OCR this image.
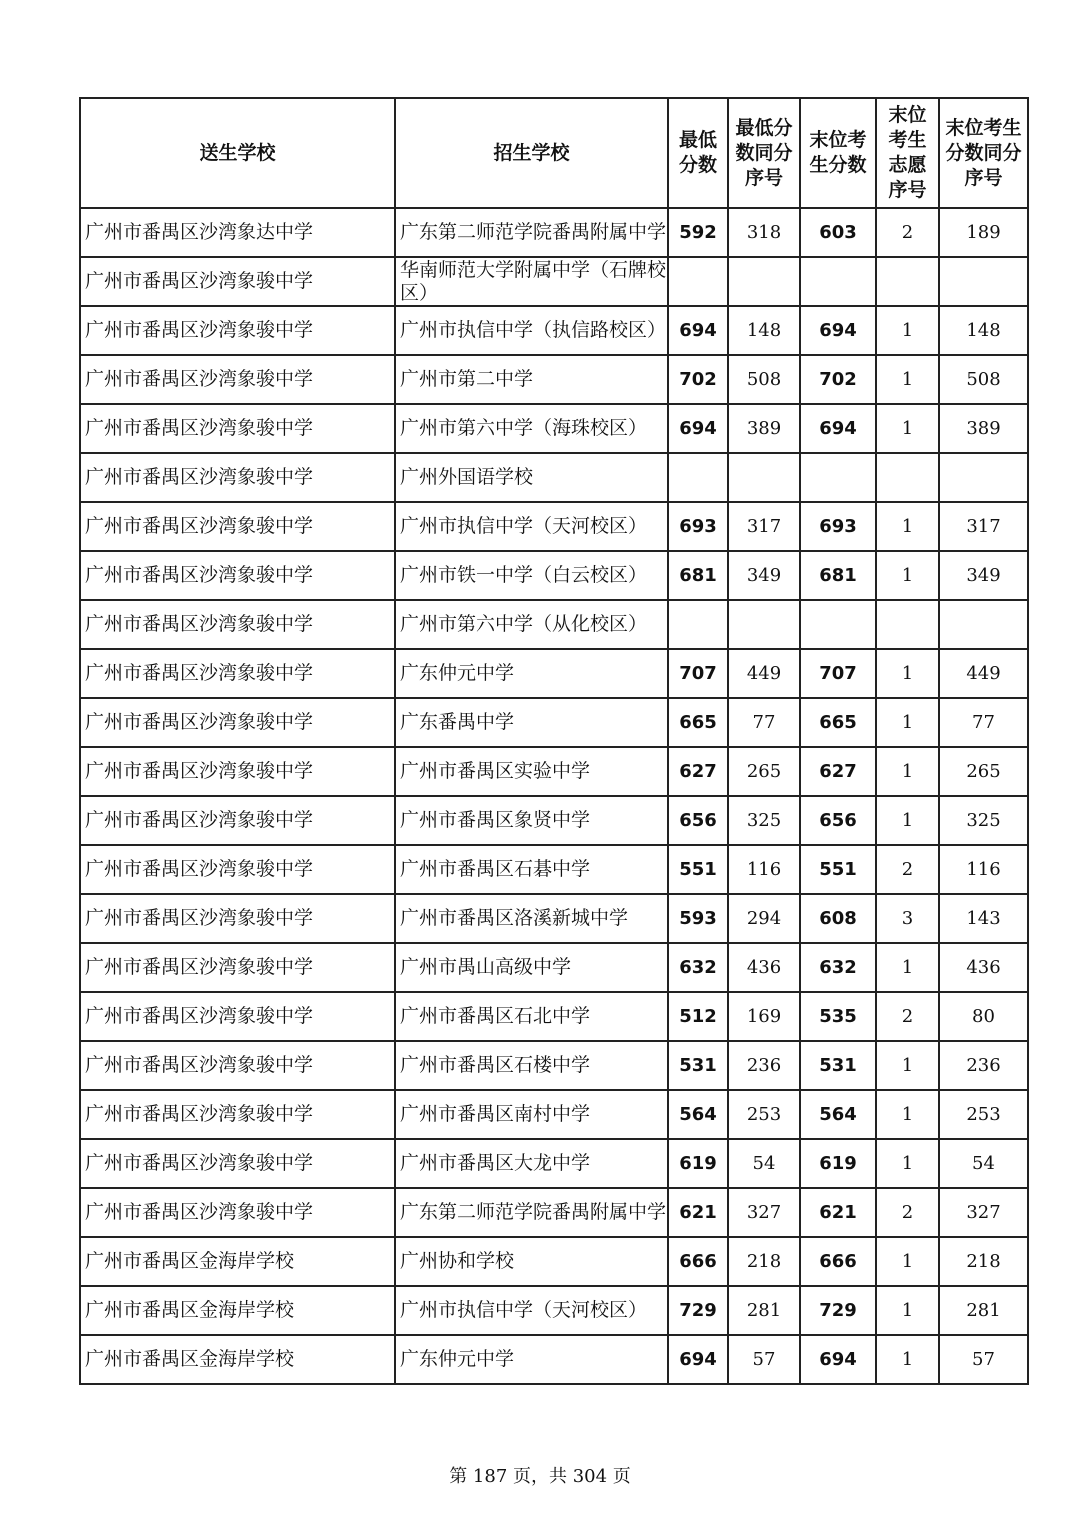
送生学校	招生学校	最低分数	最低分数同分序号	末位考生分数	末位考生志愿序号	末位考生分数同分序号
广州市番禺区沙湾象达中学	广东第二师范学院番禺附属中学	592	318	603	2	189
广州市番禺区沙湾象骏中学	华南师范大学附属中学（石牌校区）					
广州市番禺区沙湾象骏中学	广州市执信中学（执信路校区）	694	148	694	1	148
广州市番禺区沙湾象骏中学	广州市第二中学	702	508	702	1	508
广州市番禺区沙湾象骏中学	广州市第六中学（海珠校区）	694	389	694	1	389
广州市番禺区沙湾象骏中学	广州外国语学校					
广州市番禺区沙湾象骏中学	广州市执信中学（天河校区）	693	317	693	1	317
广州市番禺区沙湾象骏中学	广州市铁一中学（白云校区）	681	349	681	1	349
广州市番禺区沙湾象骏中学	广州市第六中学（从化校区）					
广州市番禺区沙湾象骏中学	广东仲元中学	707	449	707	1	449
广州市番禺区沙湾象骏中学	广东番禺中学	665	77	665	1	77
广州市番禺区沙湾象骏中学	广州市番禺区实验中学	627	265	627	1	265
广州市番禺区沙湾象骏中学	广州市番禺区象贤中学	656	325	656	1	325
广州市番禺区沙湾象骏中学	广州市番禺区石碁中学	551	116	551	2	116
广州市番禺区沙湾象骏中学	广州市番禺区洛溪新城中学	593	294	608	3	143
广州市番禺区沙湾象骏中学	广州市禺山高级中学	632	436	632	1	436
广州市番禺区沙湾象骏中学	广州市番禺区石北中学	512	169	535	2	80
广州市番禺区沙湾象骏中学	广州市番禺区石楼中学	531	236	531	1	236
广州市番禺区沙湾象骏中学	广州市番禺区南村中学	564	253	564	1	253
广州市番禺区沙湾象骏中学	广州市番禺区大龙中学	619	54	619	1	54
广州市番禺区沙湾象骏中学	广东第二师范学院番禺附属中学	621	327	621	2	327
广州市番禺区金海岸学校	广州协和学校	666	218	666	1	218
广州市番禺区金海岸学校	广州市执信中学（天河校区）	729	281	729	1	281
广州市番禺区金海岸学校	广东仲元中学	694	57	694	1	57
第 187 页，共 304 页
